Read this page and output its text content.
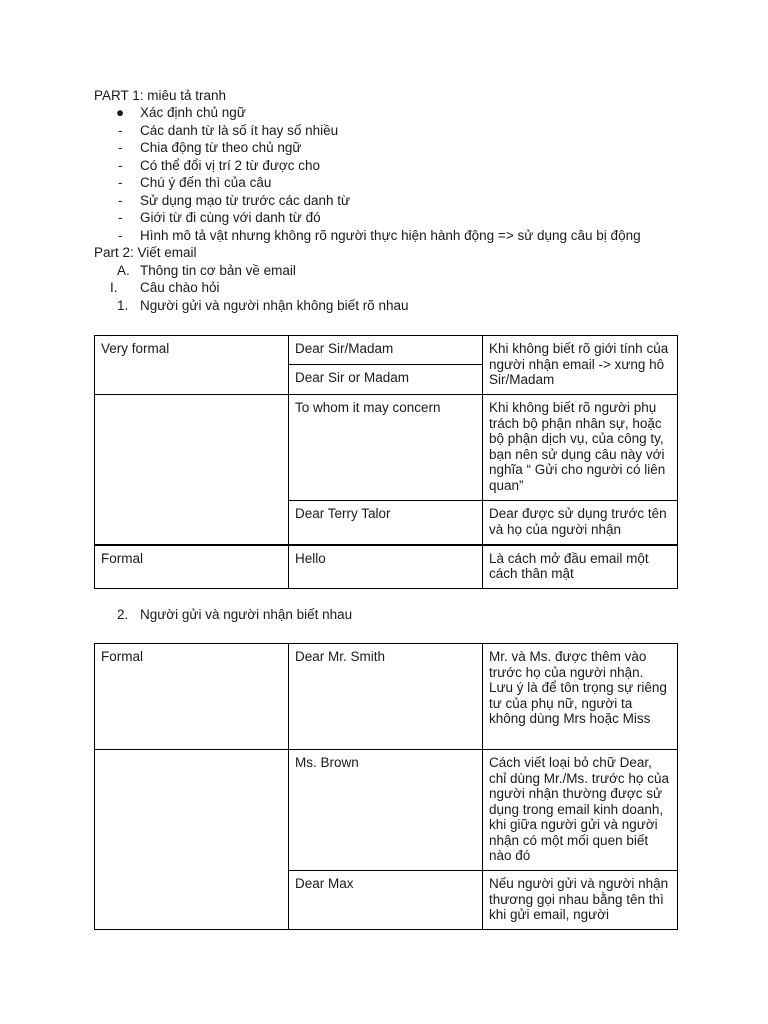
PART 1: miêu tả tranh
● Xác định chủ ngữ
- Các danh từ là số ít hay số nhiều
- Chia động từ theo chủ ngữ
- Có thể đổi vị trí 2 từ được cho
- Chú ý đến thì của câu
- Sử dụng mạo từ trước các danh từ
- Giới từ đi cùng với danh từ đó
- Hình mô tả vật nhưng không rõ người thực hiện hành động => sử dụng câu bị động
Part 2: Viết email
A. Thông tin cơ bản về email
I. Câu chào hỏi
1. Người gửi và người nhận không biết rõ nhau
Very formal	Dear Sir/Madam	Khi không biết rõ giới tính của người nhận email -> xưng hô Sir/Madam
	Dear Sir or Madam	
	To whom it may concern	Khi không biết rõ người phụ trách bộ phận nhân sự, hoặc bộ phận dịch vụ, của công ty, bạn nên sử dụng câu này với nghĩa “ Gửi cho người có liên quan”
	Dear Terry Talor	Dear được sử dụng trước tên và họ của người nhận
Formal	Hello	Là cách mở đầu email một cách thân mật
2. Người gửi và người nhận biết nhau
Formal	Dear Mr. Smith	Mr. và Ms. được thêm vào trước họ của người nhận. Lưu ý là để tôn trọng sự riêng tư của phụ nữ, người ta không dùng Mrs hoặc Miss
	Ms. Brown	Cách viết loại bỏ chữ Dear, chỉ dùng Mr./Ms. trước họ của người nhận thường được sử dụng trong email kinh doanh, khi giữa người gửi và người nhận có một mối quen biết nào đó
	Dear Max	Nếu người gửi và người nhận thương gọi nhau bằng tên thì khi gửi email, người
